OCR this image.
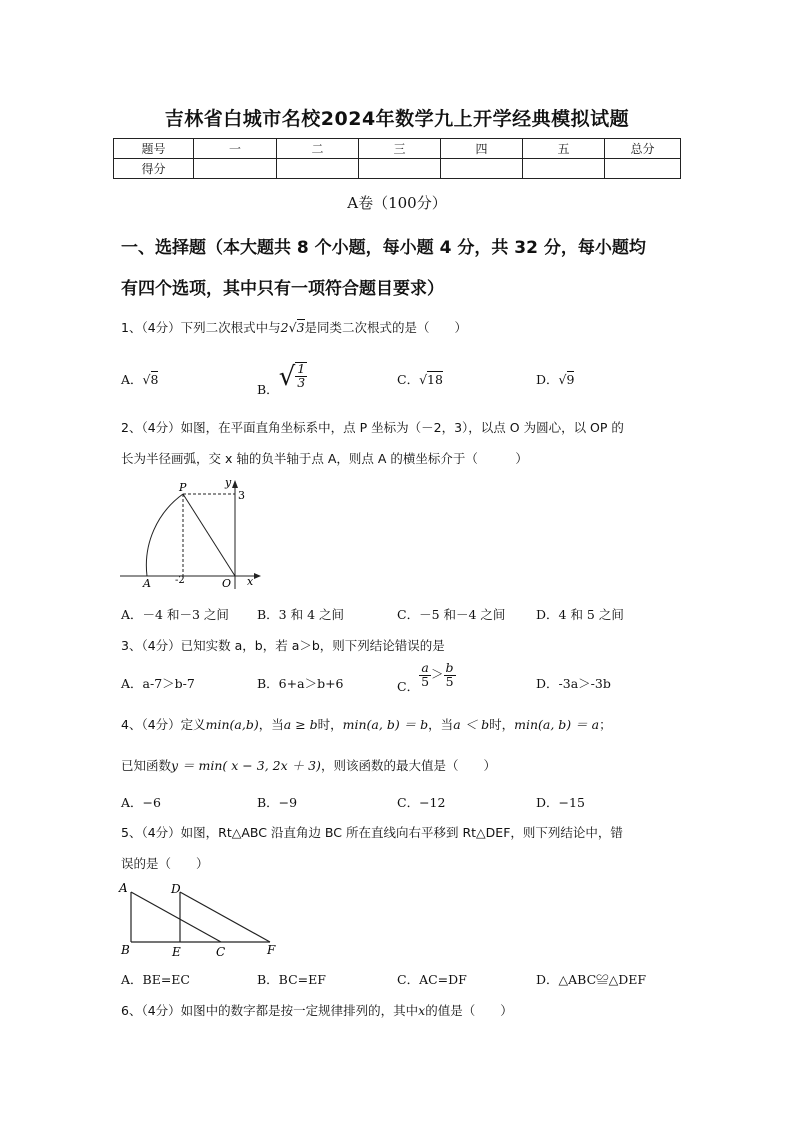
吉林省白城市名校2024年数学九上开学经典模拟试题
题号	一	二	三	四	五	总分
得分						
A卷（100分）
一、选择题（本大题共 8 个小题，每小题 4 分，共 32 分，每小题均
有四个选项，其中只有一项符合题目要求）
1、（4分）下列二次根式中与2√3是同类二次根式的是（　　）
A．√8
B．√ $\frac{1}{3}$	C．√18	D．√9
2、（4分）如图，在平面直角坐标系中，点 P 坐标为（－2，3），以点 O 为圆心，以 OP 的
长为半径画弧，交 x 轴的负半轴于点 A，则点 A 的横坐标介于（　　　）
P	y
3
A -2	O x
A．－4 和－3 之间 B．3 和 4 之间	C．－5 和－4 之间 D．4 和 5 之间
3、（4分）已知实数 a，b，若 a＞b，则下列结论错误的是
A．a-7＞b-7	B．6+a＞b+6	C． $\frac{a}{5} > \frac{b}{5}$	D．-3a＞-3b
4、（4分）定义min(a,b)，当a ≥ b时，min(a, b) ＝ b，当a ＜ b时，min(a, b) ＝ a；
已知函数y ＝ min( x − 3, 2x ＋ 3)，则该函数的最大值是（　　）
A．−6	B．−9	C．−12	D．−15
5、（4分）如图，Rt△ABC 沿直角边 BC 所在直线向右平移到 Rt△DEF，则下列结论中，错
误的是（　　）
A	D
B	E	C	F
A．BE=EC	B．BC=EF	C．AC=DF	D．△ABC≌△DEF
6、（4分）如图中的数字都是按一定规律排列的，其中x的值是（　　）
